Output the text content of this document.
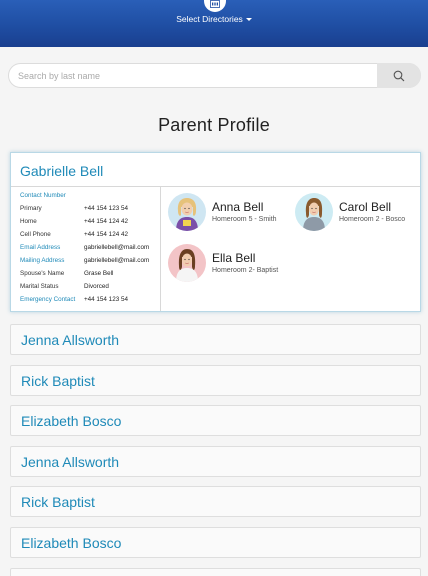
Select Directories
Search by last name
Parent Profile
Gabrielle Bell
Contact Number
Primary	+44 154 123 54
Home	+44 154 124 42
Cell Phone	+44 154 124 42
Email Address	gabriellebell@mail.com
Mailing Address	gabriellebell@mail.com
Spouse's Name	Grase Bell
Marital Status	Divorced
Emergency Contact +44 154 123 54
Anna Bell
Homeroom 5 - Smith
Carol Bell
Homeroom 2 - Bosco
Ella Bell
Homeroom 2- Baptist
Jenna Allsworth
Rick Baptist
Elizabeth Bosco
Jenna Allsworth
Rick Baptist
Elizabeth Bosco
